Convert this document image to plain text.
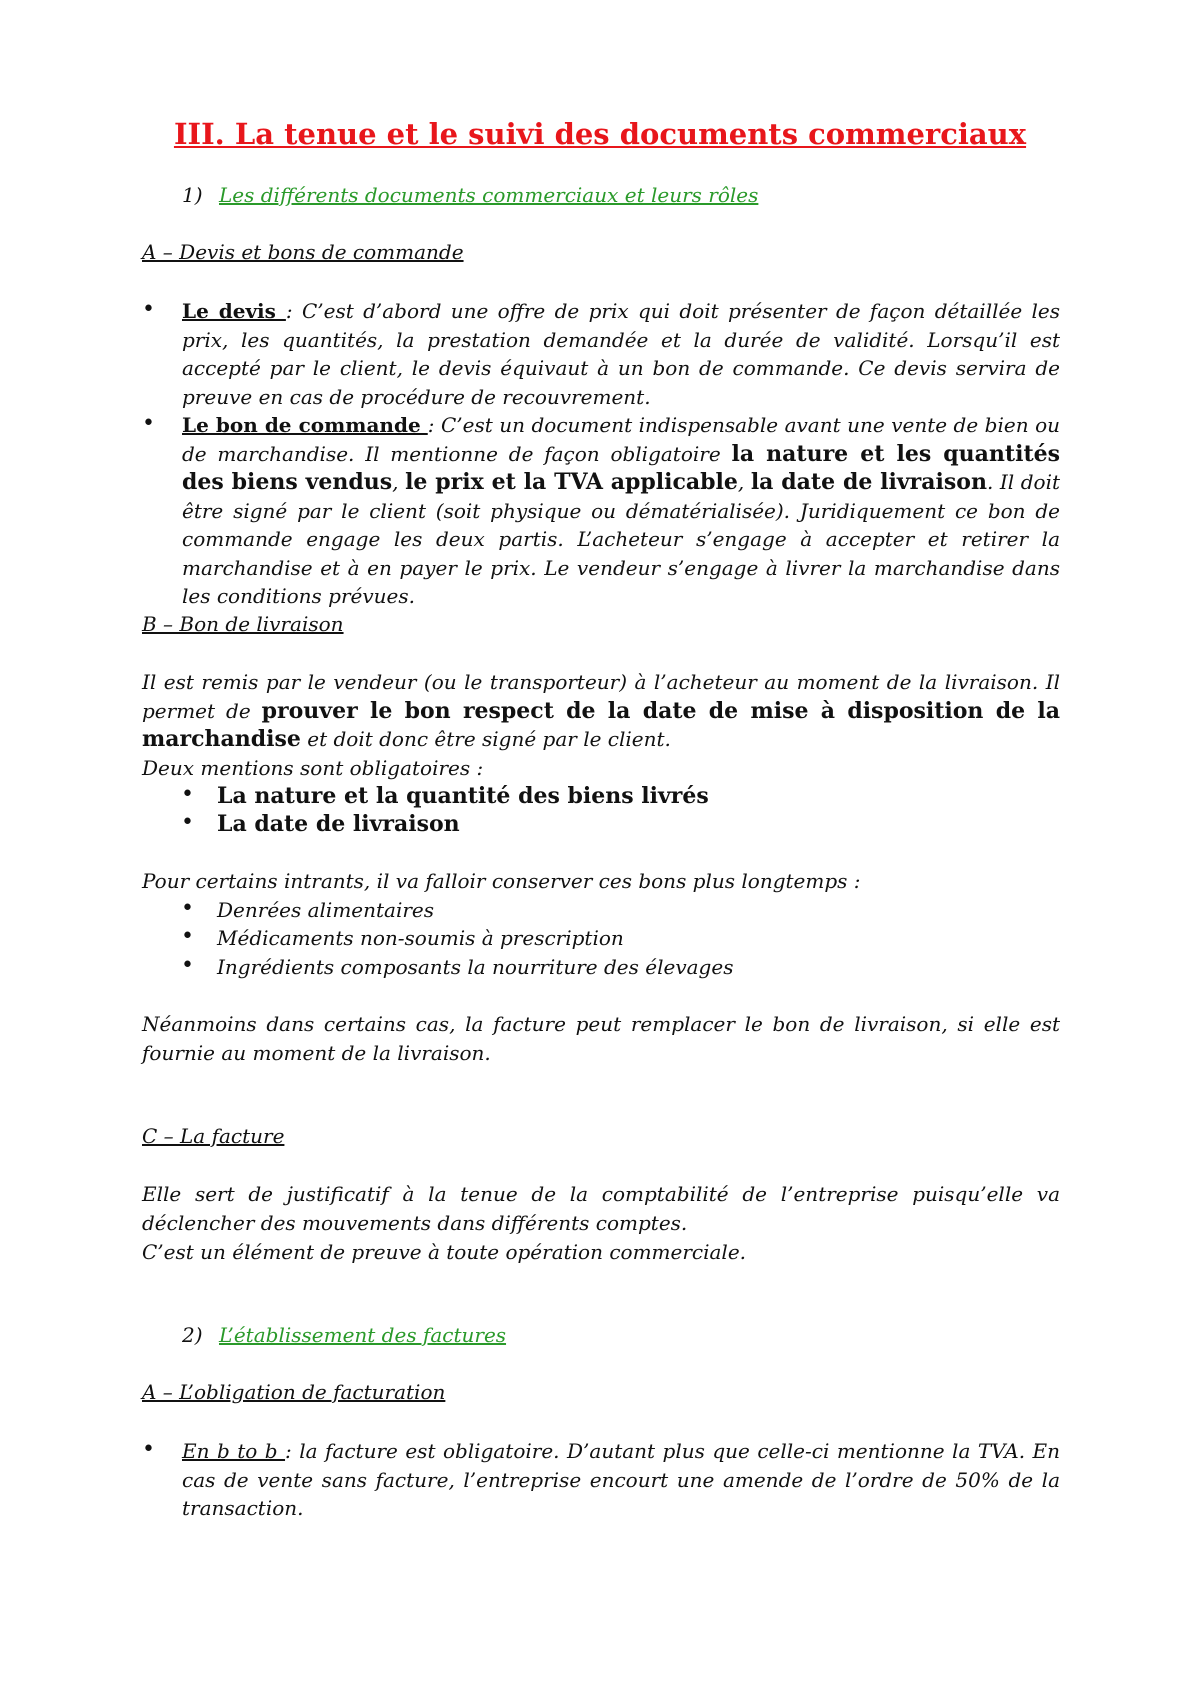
III. La tenue et le suivi des documents commerciaux
1) Les différents documents commerciaux et leurs rôles
A – Devis et bons de commande
• Le devis : C’est d’abord une offre de prix qui doit présenter de façon détaillée les prix, les quantités, la prestation demandée et la durée de validité. Lorsqu’il est accepté par le client, le devis équivaut à un bon de commande. Ce devis servira de preuve en cas de procédure de recouvrement.
• Le bon de commande : C’est un document indispensable avant une vente de bien ou de marchandise. Il mentionne de façon obligatoire la nature et les quantités des biens vendus, le prix et la TVA applicable, la date de livraison. Il doit être signé par le client (soit physique ou dématérialisée). Juridiquement ce bon de commande engage les deux partis. L’acheteur s’engage à accepter et retirer la marchandise et à en payer le prix. Le vendeur s’engage à livrer la marchandise dans les conditions prévues.
B – Bon de livraison
Il est remis par le vendeur (ou le transporteur) à l’acheteur au moment de la livraison. Il permet de prouver le bon respect de la date de mise à disposition de la marchandise et doit donc être signé par le client.
Deux mentions sont obligatoires :
• La nature et la quantité des biens livrés
• La date de livraison
Pour certains intrants, il va falloir conserver ces bons plus longtemps :
• Denrées alimentaires
• Médicaments non-soumis à prescription
• Ingrédients composants la nourriture des élevages
Néanmoins dans certains cas, la facture peut remplacer le bon de livraison, si elle est fournie au moment de la livraison.
C – La facture
Elle sert de justificatif à la tenue de la comptabilité de l’entreprise puisqu’elle va déclencher des mouvements dans différents comptes.
C’est un élément de preuve à toute opération commerciale.
2) L’établissement des factures
A – L’obligation de facturation
• En b to b : la facture est obligatoire. D’autant plus que celle-ci mentionne la TVA. En cas de vente sans facture, l’entreprise encourt une amende de l’ordre de 50% de la transaction.
